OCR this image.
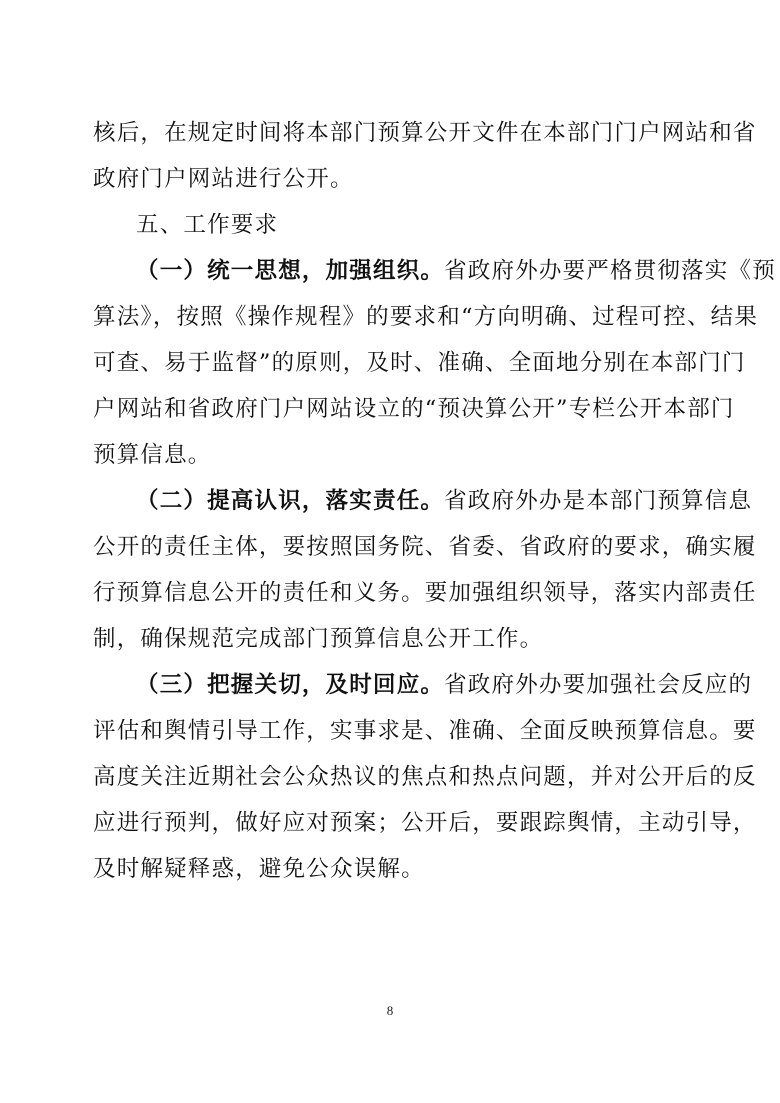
核后，在规定时间将本部门预算公开文件在本部门门户网站和省
政府门户网站进行公开。
五、工作要求
（一）统一思想，加强组织。省政府外办要严格贯彻落实《预
算法》，按照《操作规程》的要求和“方向明确、过程可控、结果
可查、易于监督”的原则，及时、准确、全面地分别在本部门门
户网站和省政府门户网站设立的“预决算公开”专栏公开本部门
预算信息。
（二）提高认识，落实责任。省政府外办是本部门预算信息
公开的责任主体，要按照国务院、省委、省政府的要求，确实履
行预算信息公开的责任和义务。要加强组织领导，落实内部责任
制，确保规范完成部门预算信息公开工作。
（三）把握关切，及时回应。省政府外办要加强社会反应的
评估和舆情引导工作，实事求是、准确、全面反映预算信息。要
高度关注近期社会公众热议的焦点和热点问题，并对公开后的反
应进行预判，做好应对预案；公开后，要跟踪舆情，主动引导，
及时解疑释惑，避免公众误解。
8
